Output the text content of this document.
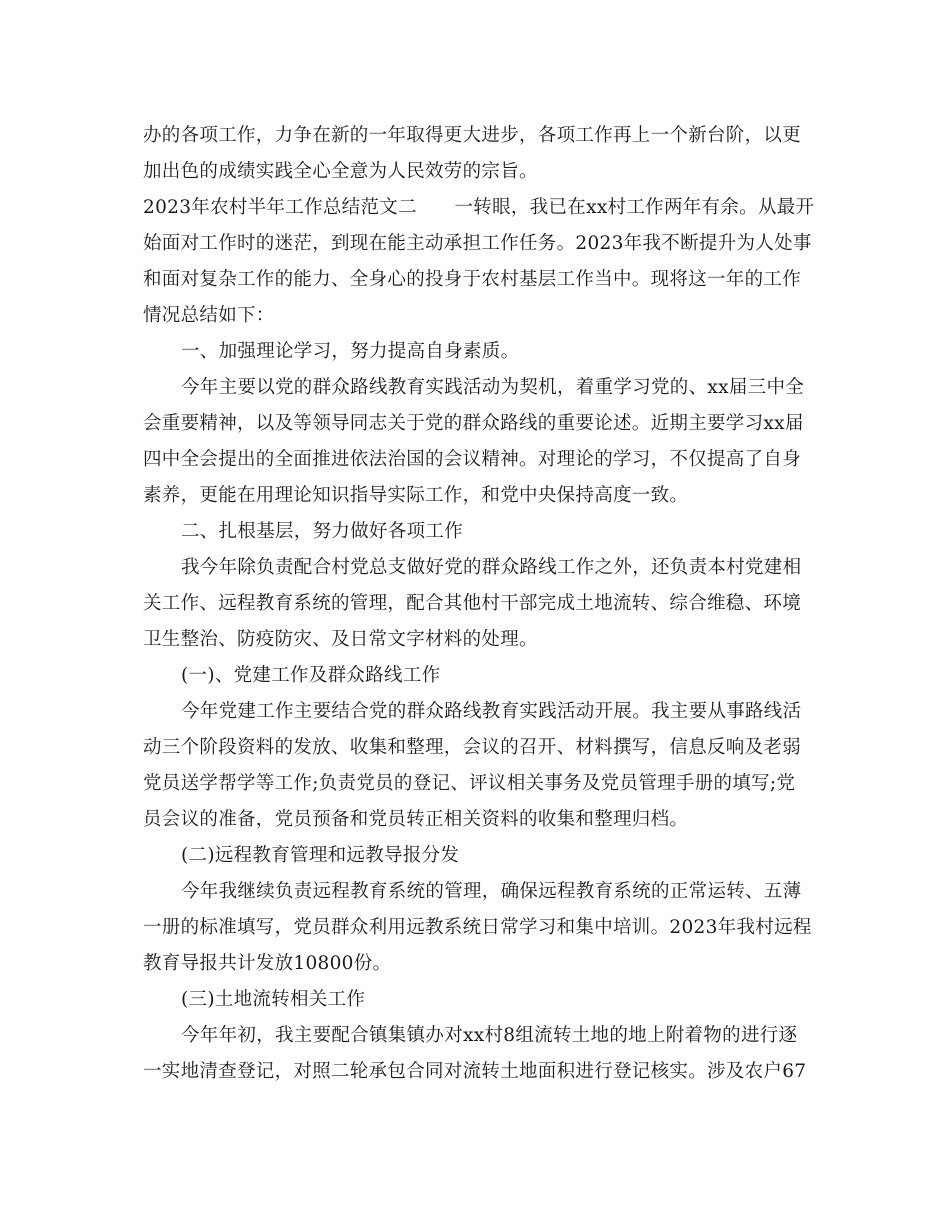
办的各项工作，力争在新的一年取得更大进步，各项工作再上一个新台阶，以更
加出色的成绩实践全心全意为人民效劳的宗旨。
2023年农村半年工作总结范文二　　一转眼，我已在xx村工作两年有余。从最开
始面对工作时的迷茫，到现在能主动承担工作任务。2023年我不断提升为人处事
和面对复杂工作的能力、全身心的投身于农村基层工作当中。现将这一年的工作
情况总结如下：
一、加强理论学习，努力提高自身素质。
今年主要以党的群众路线教育实践活动为契机，着重学习党的、xx届三中全
会重要精神，以及等领导同志关于党的群众路线的重要论述。近期主要学习xx届
四中全会提出的全面推进依法治国的会议精神。对理论的学习，不仅提高了自身
素养，更能在用理论知识指导实际工作，和党中央保持高度一致。
二、扎根基层，努力做好各项工作
我今年除负责配合村党总支做好党的群众路线工作之外，还负责本村党建相
关工作、远程教育系统的管理，配合其他村干部完成土地流转、综合维稳、环境
卫生整治、防疫防灾、及日常文字材料的处理。
(一)、党建工作及群众路线工作
今年党建工作主要结合党的群众路线教育实践活动开展。我主要从事路线活
动三个阶段资料的发放、收集和整理，会议的召开、材料撰写，信息反响及老弱
党员送学帮学等工作;负责党员的登记、评议相关事务及党员管理手册的填写;党
员会议的准备，党员预备和党员转正相关资料的收集和整理归档。
(二)远程教育管理和远教导报分发
今年我继续负责远程教育系统的管理，确保远程教育系统的正常运转、五薄
一册的标准填写，党员群众利用远教系统日常学习和集中培训。2023年我村远程
教育导报共计发放10800份。
(三)土地流转相关工作
今年年初，我主要配合镇集镇办对xx村8组流转土地的地上附着物的进行逐
一实地清查登记，对照二轮承包合同对流转土地面积进行登记核实。涉及农户67
